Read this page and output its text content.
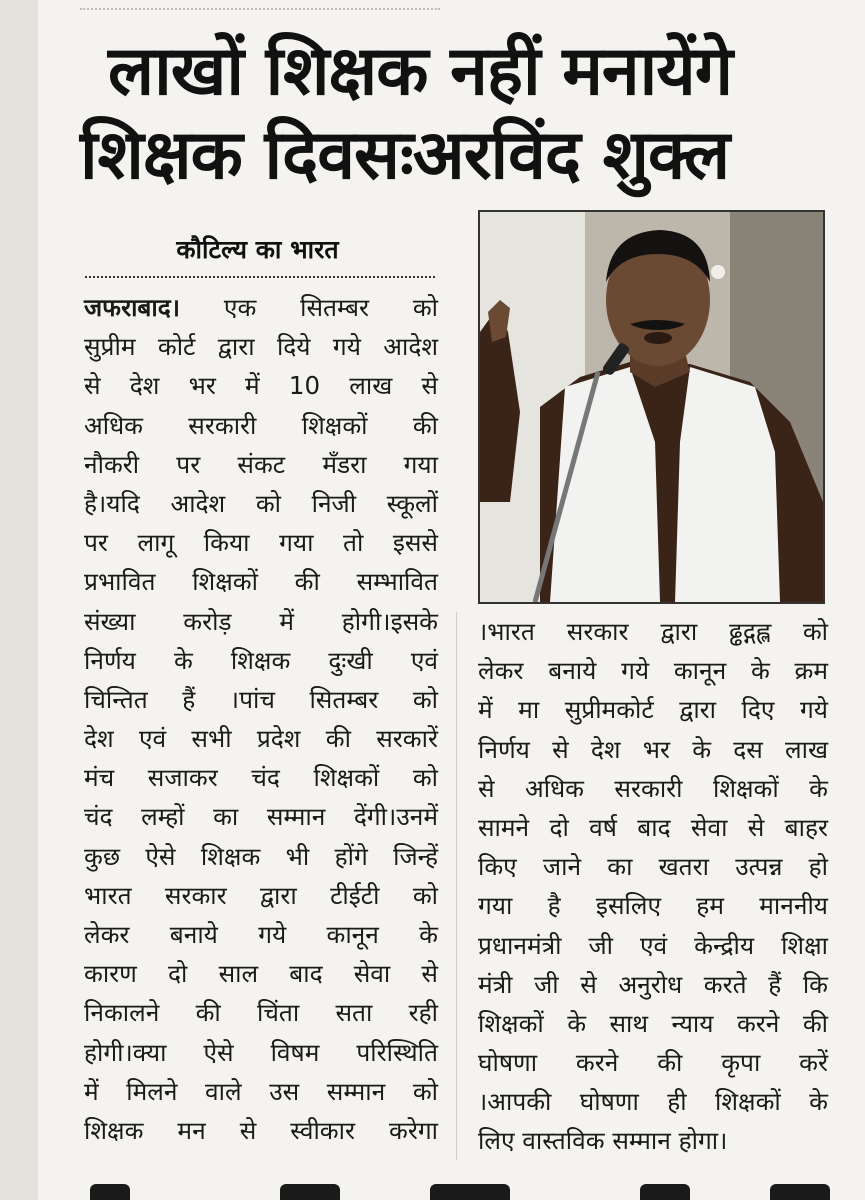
लाखों शिक्षक नहीं मनायेंगे
शिक्षक दिवसःअरविंद शुक्ल
कौटिल्य का भारत
जफराबाद। एक सितम्बर को
सुप्रीम कोर्ट द्वारा दिये गये आदेश
से देश भर में 10 लाख से
अधिक सरकारी शिक्षकों की
नौकरी पर संकट मँडरा गया
है।यदि आदेश को निजी स्कूलों
पर लागू किया गया तो इससे
प्रभावित शिक्षकों की सम्भावित
संख्या करोड़ में होगी।इसके
निर्णय के शिक्षक दुःखी एवं
चिन्तित हैं ।पांच सितम्बर को
देश एवं सभी प्रदेश की सरकारें
मंच सजाकर चंद शिक्षकों को
चंद लम्हों का सम्मान देंगी।उनमें
कुछ ऐसे शिक्षक भी होंगे जिन्हें
भारत सरकार द्वारा टीईटी को
लेकर बनाये गये कानून के
कारण दो साल बाद सेवा से
निकालने की चिंता सता रही
होगी।क्या ऐसे विषम परिस्थिति
में मिलने वाले उस सम्मान को
शिक्षक मन से स्वीकार करेगा
।भारत सरकार द्वारा ढ्ढद्गह्ल को
लेकर बनाये गये कानून के क्रम
में मा सुप्रीमकोर्ट द्वारा दिए गये
निर्णय से देश भर के दस लाख
से अधिक सरकारी शिक्षकों के
सामने दो वर्ष बाद सेवा से बाहर
किए जाने का खतरा उत्पन्न हो
गया है इसलिए हम माननीय
प्रधानमंत्री जी एवं केन्द्रीय शिक्षा
मंत्री जी से अनुरोध करते हैं कि
शिक्षकों के साथ न्याय करने की
घोषणा करने की कृपा करें
।आपकी घोषणा ही शिक्षकों के
लिए वास्तविक सम्मान होगा।
